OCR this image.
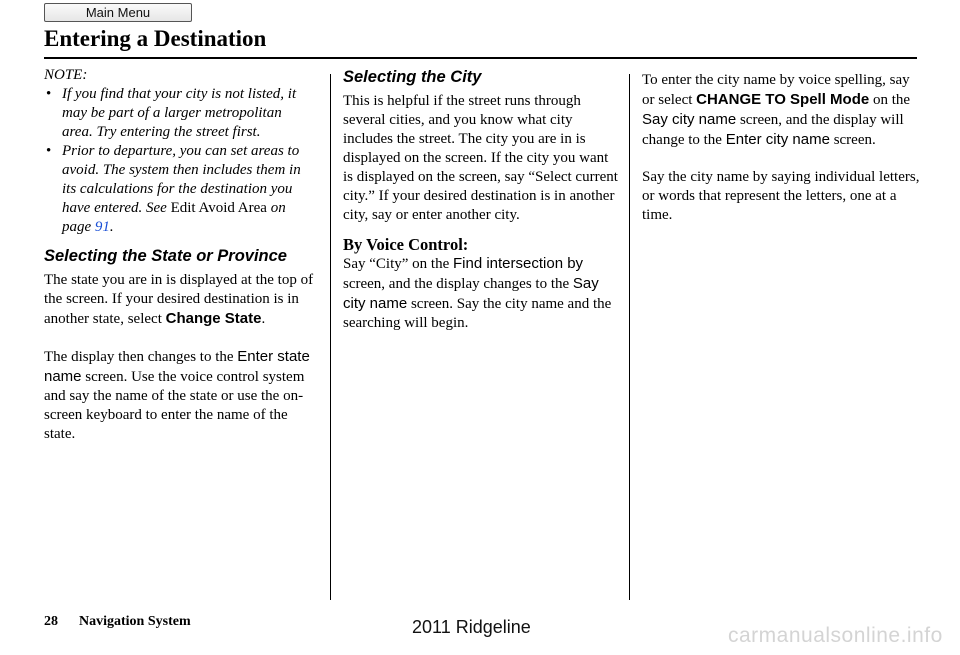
Main Menu
Entering a Destination

NOTE:

• If you find that your city is not listed, it may be part of a larger metropolitan area. Try entering the street first.
• Prior to departure, you can set areas to avoid. The system then includes them in its calculations for the destination you have entered. See Edit Avoid Area on page 91.

Selecting the State or Province

The state you are in is displayed at the top of the screen. If your desired destination is in another state, select Change State.

The display then changes to the Enter state name screen. Use the voice control system and say the name of the state or use the on-screen keyboard to enter the name of the state.

Selecting the City

This is helpful if the street runs through several cities, and you know what city includes the street. The city you are in is displayed on the screen. If the city you want is displayed on the screen, say “Select current city.” If your desired destination is in another city, say or enter another city.

By Voice Control:

Say “City” on the Find intersection by screen, and the display changes to the Say city name screen. Say the city name and the searching will begin.

To enter the city name by voice spelling, say or select CHANGE TO Spell Mode on the Say city name screen, and the display will change to the Enter city name screen.

Say the city name by saying individual letters, or words that represent the letters, one at a time.

28 Navigation System	2011 Ridgeline	carmanualsonline.info
